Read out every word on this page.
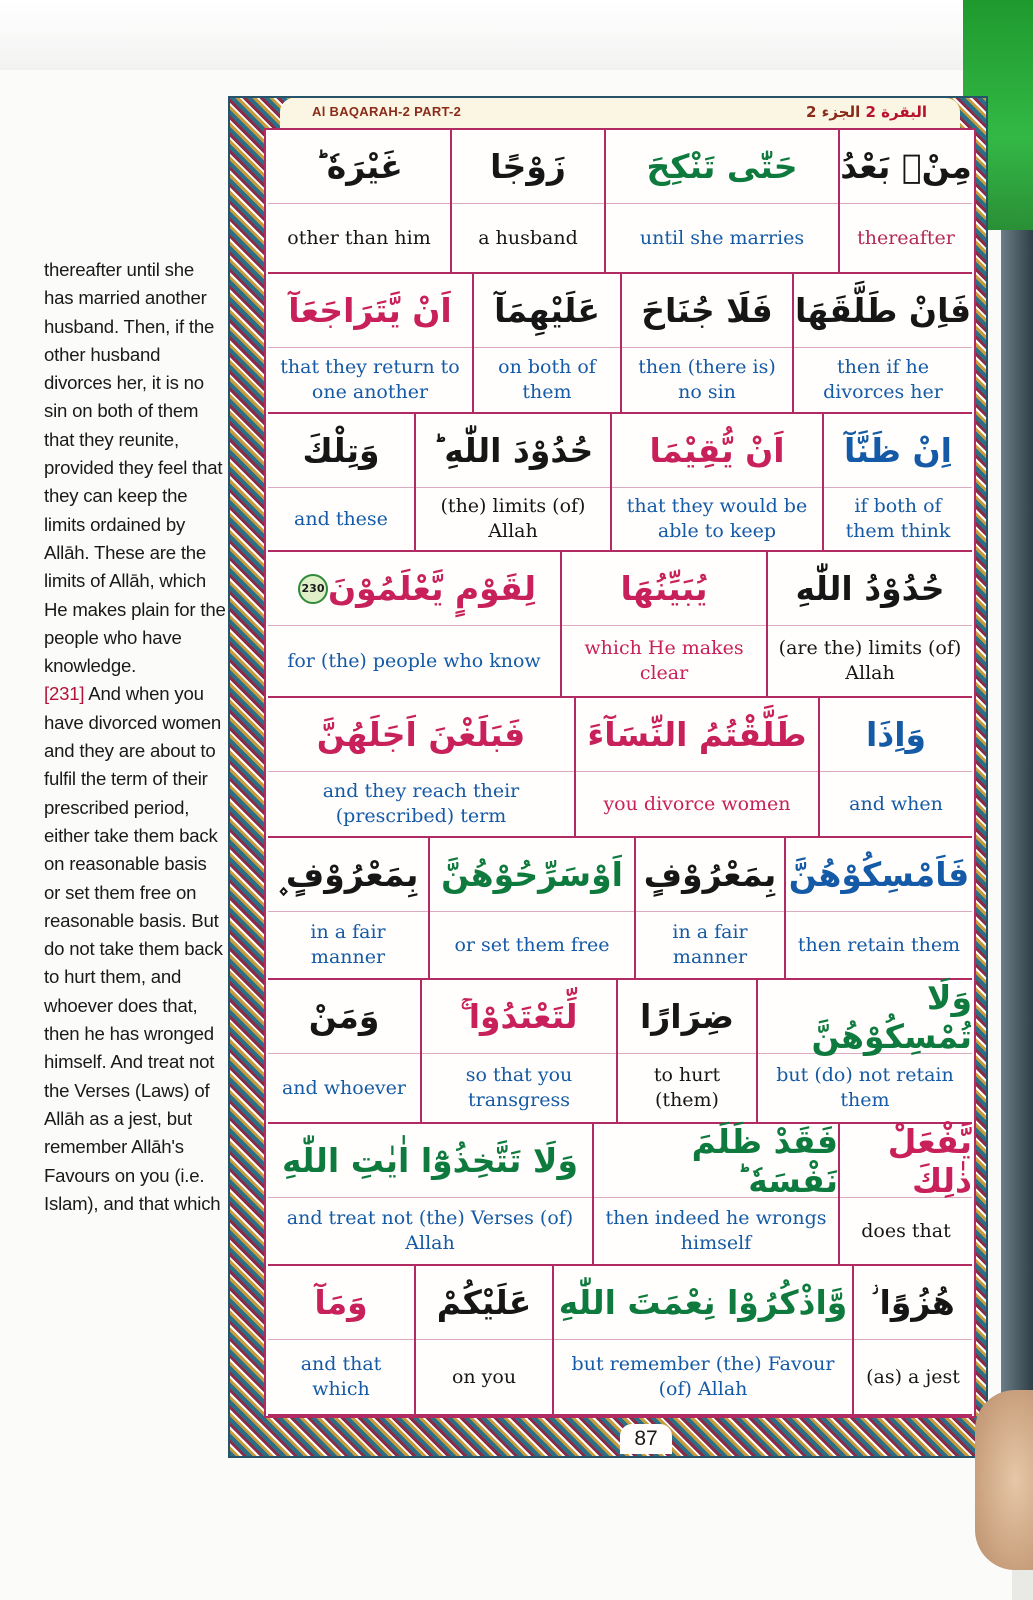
thereafter until she has married another husband. Then, if the other husband divorces her, it is no sin on both of them that they reunite, provided they feel that they can keep the limits ordained by Allāh. These are the limits of Allāh, which He makes plain for the people who have knowledge.

[231] And when you have divorced women and they are about to fulfil the term of their prescribed period, either take them back on reasonable basis or set them free on reasonable basis. But do not take them back to hurt them, and whoever does that, then he has wronged himself. And treat not the Verses (Laws) of Allāh as a jest, but remember Allāh's Favours on you (i.e. Islam), and that which

Al BAQARAH-2 PART-2	البقرة 2 الجزء 2
مِنْۢ بَعْدُ
thereafter
حَتّٰى تَنْكِحَ
until she marries
زَوْجًا
a husband
غَيْرَهٗ ؕ
other than him
فَاِنْ طَلَّقَهَا
then if he divorces her
فَلَا جُنَاحَ
then (there is) no sin
عَلَيْهِمَآ
on both of them
اَنْ يَّتَرَاجَعَآ
that they return to one another
اِنْ ظَنَّآ
if both of them think
اَنْ يُّقِيْمَا
that they would be able to keep
حُدُوْدَ اللّٰهِ ؕ
(the) limits (of) Allah
وَتِلْكَ
and these
حُدُوْدُ اللّٰهِ
(are the) limits (of) Allah
يُبَيِّنُهَا
which He makes clear
لِقَوْمٍ يَّعْلَمُوْنَ
230
for (the) people who know
وَاِذَا
and when
طَلَّقْتُمُ النِّسَآءَ
you divorce women
فَبَلَغْنَ اَجَلَهُنَّ
and they reach their (prescribed) term
فَاَمْسِكُوْهُنَّ
then retain them
بِمَعْرُوْفٍ
in a fair manner
اَوْسَرِّحُوْهُنَّ
or set them free
بِمَعْرُوْفٍ ۪
in a fair manner
وَلَا تُمْسِكُوْهُنَّ
but (do) not retain them
ضِرَارًا
to hurt (them)
لِّتَعْتَدُوْا ۚ
so that you transgress
وَمَنْ
and whoever
يَّفْعَلْ ذٰلِكَ
does that
فَقَدْ ظَلَمَ نَفْسَهٗ ؕ
then indeed he wrongs himself
وَلَا تَتَّخِذُوْٓا اٰيٰتِ اللّٰهِ
and treat not (the) Verses (of) Allah
هُزُوًا ؗ
(as) a jest
وَّاذْكُرُوْا نِعْمَتَ اللّٰهِ
but remember (the) Favour (of) Allah
عَلَيْكُمْ
on you
وَمَآ
and that which
87
